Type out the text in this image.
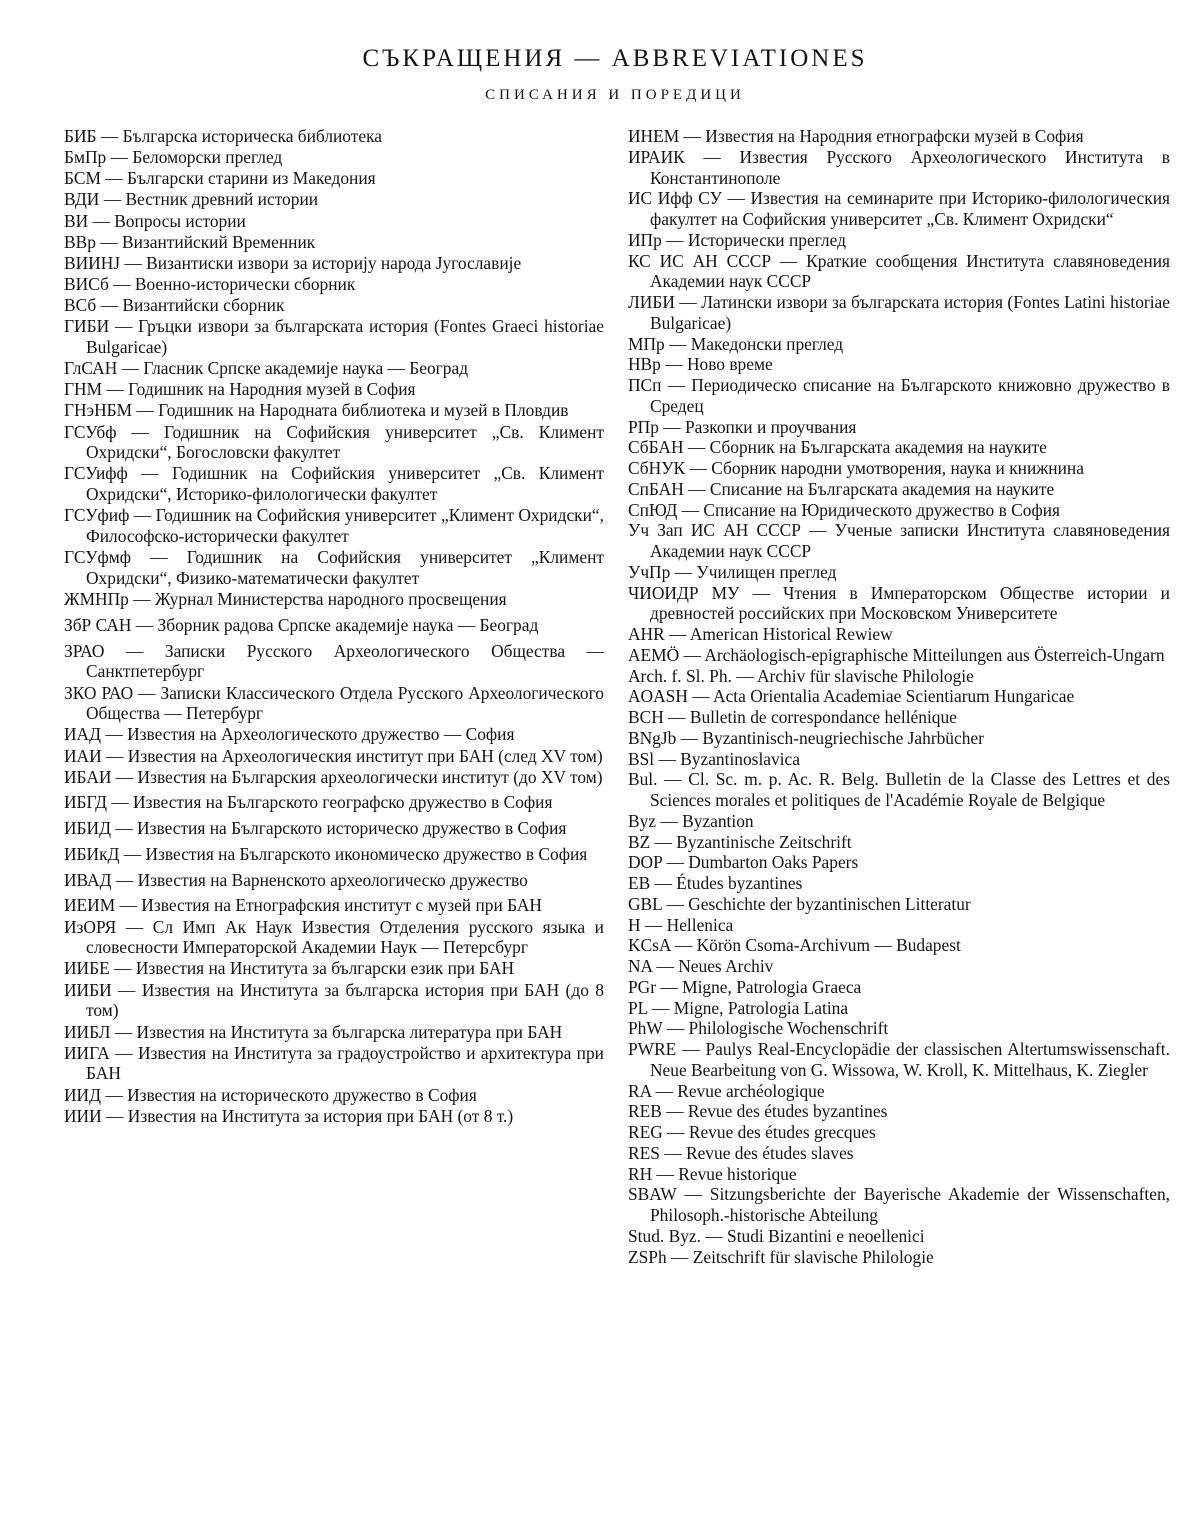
СЪКРАЩЕНИЯ — ABBREVIATIONES
СПИСАНИЯ И ПОРЕДИЦИ
БИБ — Българска историческа библиотека
БмПр — Беломорски преглед
БСМ — Български старини из Македония
ВДИ — Вестник древний истории
ВИ — Вопросы истории
ВВр — Византийский Временник
ВИИНЈ — Византиски извори за историју народа Југославије
ВИСб — Военно-исторически сборник
ВСб — Византийски сборник
ГИБИ — Гръцки извори за българската история (Fontes Graeci historiae Bulgaricae)
ГлСАН — Гласник Српске академије наука — Београд
ГНМ — Годишник на Народния музей в София
ГНэНБМ — Годишник на Народната библиотека и музей в Пловдив
ГСУбф — Годишник на Софийския университет „Св. Климент Охридски“, Богословски факултет
ГСУифф — Годишник на Софийския университет „Св. Климент Охридски“, Историко-филологически факултет
ГСУфиф — Годишник на Софийския университет „Климент Охридски“, Философско-исторически факултет
ГСУфмф — Годишник на Софийския университет „Климент Охридски“, Физико-математически факултет
ЖМНПр — Журнал Министерства народного просвещения
ЗбР САН — Зборник радова Српске академије наука — Београд
ЗРАО — Записки Русского Археологического Общества — Санктпетербург
ЗКО РАО — Записки Классического Отдела Русского Археологического Общества — Петербург
ИАД — Известия на Археологическото дружество — София
ИАИ — Известия на Археологическия институт при БАН (след XV том)
ИБАИ — Известия на Българския археологически институт (до XV том)
ИБГД — Известия на Българското географско дружество в София
ИБИД — Известия на Българското историческо дружество в София
ИБИкД — Известия на Българското икономическо дружество в София
ИВАД — Известия на Варненското археологическо дружество
ИЕИМ — Известия на Етнографския институт с музей при БАН
ИзОРЯ — Сл Имп Ак Наук Известия Отделения русского языка и словесности Императорской Академии Наук — Петерсбург
ИИБЕ — Известия на Института за български език при БАН
ИИБИ — Известия на Института за българска история при БАН (до 8 том)
ИИБЛ — Известия на Института за българска литература при БАН
ИИГА — Известия на Института за градоустройство и архитектура при БАН
ИИД — Известия на историческото дружество в София
ИИИ — Известия на Института за история при БАН (от 8 т.)
ИНЕМ — Известия на Народния етнографски музей в София
ИРАИК — Известия Русского Археологического Института в Константинополе
ИС Ифф СУ — Известия на семинарите при Историко-филологическия факултет на Софийския университет „Св. Климент Охридски“
ИПр — Исторически преглед
КС ИС АН СССР — Краткие сообщения Института славяноведения Академии наук СССР
ЛИБИ — Латински извори за българската история (Fontes Latini historiae Bulgaricae)
МПр — Македонски преглед
НВр — Ново време
ПСп — Периодическо списание на Българското книжовно дружество в Средец
РПр — Разкопки и проучвания
СбБАН — Сборник на Българската академия на науките
СбНУК — Сборник народни умотворения, наука и книжнина
СпБАН — Списание на Българската академия на науките
СпЮД — Списание на Юридическото дружество в София
Уч Зап ИС АН СССР — Ученые записки Института славяноведения Академии наук СССР
УчПр — Училищен преглед
ЧИОИДР МУ — Чтения в Императорском Обществе истории и древностей российских при Московском Университете
AHR — American Historical Rewiew
AEMÖ — Archäologisch-epigraphische Mitteilungen aus Österreich-Ungarn
Arch. f. Sl. Ph. — Archiv für slavische Philologie
AOASH — Acta Orientalia Academiae Scientiarum Hungaricae
BCH — Bulletin de correspondance hellénique
BNgJb — Byzantinisch-neugriechische Jahrbücher
BSl — Byzantinoslavica
Bul. — Cl. Sc. m. p. Ac. R. Belg. Bulletin de la Classe des Lettres et des Sciences morales et politiques de l'Académie Royale de Belgique
Byz — Byzantion
BZ — Byzantinische Zeitschrift
DOP — Dumbarton Oaks Papers
EB — Études byzantines
GBL — Geschichte der byzantinischen Litteratur
H — Hellenica
KCsA — Körön Csoma-Archivum — Budapest
NA — Neues Archiv
PGr — Migne, Patrologia Graeca
PL — Migne, Patrologia Latina
PhW — Philologische Wochenschrift
PWRE — Paulys Real-Encyclopädie der classischen Altertumswissenschaft. Neue Bearbeitung von G. Wissowa, W. Kroll, K. Mittelhaus, K. Ziegler
RA — Revue archéologique
REB — Revue des études byzantines
REG — Revue des études grecques
RES — Revue des études slaves
RH — Revue historique
SBAW — Sitzungsberichte der Bayerische Akademie der Wissenschaften, Philosoph.-historische Abteilung
Stud. Byz. — Studi Bizantini e neoellenici
ZSPh — Zeitschrift für slavische Philologie
